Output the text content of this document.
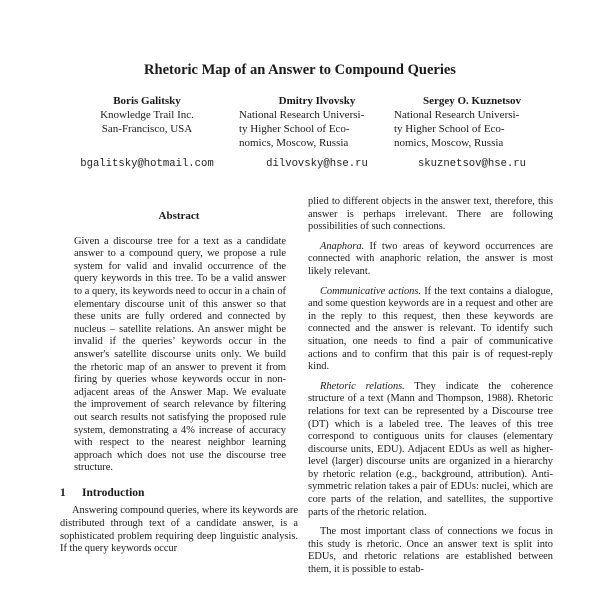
Rhetoric Map of an Answer to Compound Queries
Boris Galitsky
Knowledge Trail Inc.
San-Francisco, USA
bgalitsky@hotmail.com
Dmitry Ilvovsky
National Research Universi-
ty Higher School of Eco-
nomics, Moscow, Russia
dilvovsky@hse.ru
Sergey O. Kuznetsov
National Research Universi-
ty Higher School of Eco-
nomics, Moscow, Russia
skuznetsov@hse.ru
Abstract
Given a discourse tree for a text as a candidate answer to a compound query, we propose a rule system for valid and invalid occurrence of the query keywords in this tree. To be a valid answer to a query, its keywords need to occur in a chain of elementary discourse unit of this answer so that these units are fully ordered and connected by nucleus – satellite relations. An answer might be invalid if the queries’ keywords occur in the answer's satellite discourse units only. We build the rhetoric map of an answer to prevent it from firing by queries whose keywords occur in non-adjacent areas of the Answer Map. We evaluate the improvement of search relevance by filtering out search results not satisfying the proposed rule system, demonstrating a 4% increase of accuracy with respect to the nearest neighbor learning approach which does not use the discourse tree structure.
1 Introduction
Answering compound queries, where its keywords are distributed through text of a candidate answer, is a sophisticated problem requiring deep linguistic analysis. If the query keywords occur
plied to different objects in the answer text, therefore, this answer is perhaps irrelevant. There are following possibilities of such connections.
Anaphora. If two areas of keyword occurrences are connected with anaphoric relation, the answer is most likely relevant.
Communicative actions. If the text contains a dialogue, and some question keywords are in a request and other are in the reply to this request, then these keywords are connected and the answer is relevant. To identify such situation, one needs to find a pair of communicative actions and to confirm that this pair is of request-reply kind.
Rhetoric relations. They indicate the coherence structure of a text (Mann and Thompson, 1988). Rhetoric relations for text can be represented by a Discourse tree (DT) which is a labeled tree. The leaves of this tree correspond to contiguous units for clauses (elementary discourse units, EDU). Adjacent EDUs as well as higher-level (larger) discourse units are organized in a hierarchy by rhetoric relation (e.g., background, attribution). Anti-symmetric relation takes a pair of EDUs: nuclei, which are core parts of the relation, and satellites, the supportive parts of the rhetoric relation.
The most important class of connections we focus in this study is rhetoric. Once an answer text is split into EDUs, and rhetoric relations are established between them, it is possible to estab-
